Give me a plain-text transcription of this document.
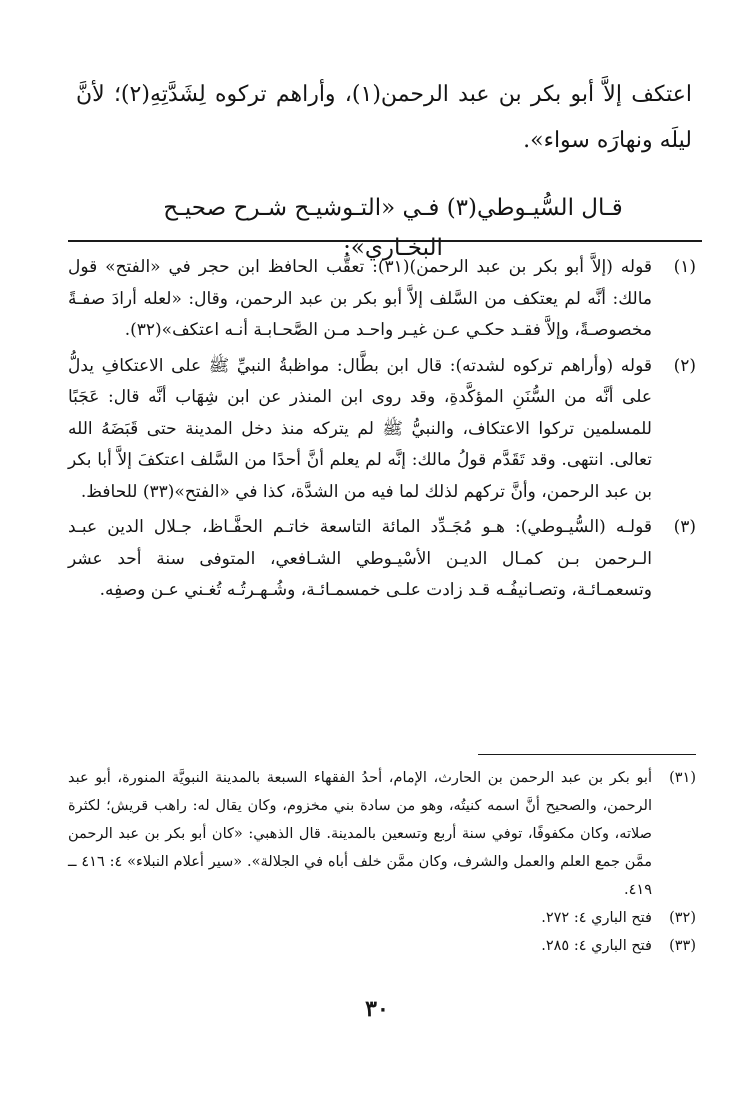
اعتكف إلاَّ أبو بكر بن عبد الرحمن(١)، وأراهم تركوه لِشَدَّتِهِ(٢)؛ لأنَّ ليلَه ونهارَه سواء».

قـال السُّيـوطي(٣) فـي «التـوشيـح شـرح صحيـح البخـاري»:
(١)
قوله (إلاَّ أبو بكر بن عبد الرحمن)(٣١): تعقَّب الحافظ ابن حجر في «الفتح» قول مالك: أنَّه لم يعتكف من السَّلف إلاَّ أبو بكر بن عبد الرحمن، وقال: «لعله أرادَ صفـةً مخصوصـةً، وإلاَّ فقـد حكـي عـن غيـر واحـد مـن الصَّحـابـة أنـه اعتكف»(٣٢).
(٢)
قوله (وأراهم تركوه لشدته): قال ابن بطَّال: مواظبةُ النبيِّ ﷺ على الاعتكافِ يدلُّ على أنَّه من السُّنَنِ المؤكَّدةِ، وقد روى ابن المنذر عن ابن شِهَاب أنَّه قال: عَجَبًا للمسلمين تركوا الاعتكاف، والنبيُّ ﷺ لم يتركه منذ دخل المدينة حتى قَبَضَهُ الله تعالى. انتهى. وقد تَقَدَّم قولُ مالك: إنَّه لم يعلم أنَّ أحدًا من السَّلف اعتكفَ إلاَّ أبا بكر بن عبد الرحمن، وأنَّ تركهم لذلك لما فيه من الشدَّة، كذا في «الفتح»(٣٣) للحافظ.
(٣)
قولـه (السُّيـوطي): هـو مُجَـدِّد المائة التاسعة خاتـم الحفَّـاظ، جـلال الدين عبـد الـرحمن بـن كمـال الديـن الأسْيـوطي الشـافعي، المتوفى سنة أحد عشر وتسعمـائـة، وتصـانيفُـه قـد زادت علـى خمسمـائـة، وشُـهـرتُـه تُغـني عـن وصفِه.
(٣١)
أبو بكر بن عبد الرحمن بن الحارث، الإمام، أحدُ الفقهاء السبعة بالمدينة النبويَّة المنورة، أبو عبد الرحمن، والصحيح أنَّ اسمه كنيتُه، وهو من سادة بني مخزوم، وكان يقال له: راهب قريش؛ لكثرة صلاته، وكان مكفوفًا، توفي سنة أربع وتسعين بالمدينة. قال الذهبي: «كان أبو بكر بن عبد الرحمن ممَّن جمع العلم والعمل والشرف، وكان ممَّن خلف أباه في الجلالة». «سير أعلام النبلاء» ٤: ٤١٦ ــ ٤١٩.
(٣٢)
فتح الباري ٤: ٢٧٢.
(٣٣)
فتح الباري ٤: ٢٨٥.
٣٠
